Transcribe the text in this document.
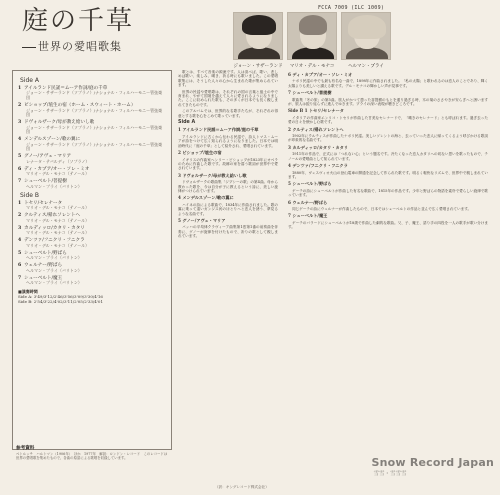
庭の千草
世界の愛唱歌集
FCCA 7009 (ILC 1009)
ジョーン・サザーランド マリオ・デル・モナコ	ヘルマン・プライ
Side A
1 アイルランド民謡＝ムーア作詞/庭の千草
ジョーン・サザーランド（ソプラノ）/ナショナル・フィルハーモニー管弦楽団
2 ビショップ/埴生の宿（ホーム・スウィート・ホーム）
ジョーン・サザーランド（ソプラノ）/ナショナル・フィルハーモニー管弦楽団
3 ドヴォルザーク/母が教え給いし歌
ジョーン・サザーランド（ソプラノ）/ナショナル・フィルハーモニー管弦楽団
4 メンデルスゾーン/歌の翼に
ジョーン・サザーランド（ソプラノ）/ナショナル・フィルハーモニー管弦楽団
5 グノー/アヴェ・マリア
レナータ・テバルディ（ソプラノ）
6 ディ・カプア/オー・ソレ・ミオ
マリオ・デル・モナコ（テノール）
7 シューベルト/菩提樹
ヘルマン・プライ（バリトン）
Side B
1 トセリ/セレナータ
マリオ・デル・モナコ（テノール）
2 クルティス/帰れソレントへ
マリオ・デル・モナコ（テノール）
3 カルディッロ/カタリ・カタリ
マリオ・デル・モナコ（テノール）
4 デンツァ/フニクリ・フニクラ
マリオ・デル・モナコ（テノール）
5 シューベルト/野ばら
ヘルマン・プライ（バリトン）
6 ウェルナー/野ばら
ヘルマン・プライ（バリトン）
7 シューベルト/魔王
ヘルマン・プライ（バリトン）
■演奏時間
Side A: 3'49/3'12/2'46/3'56/3'09/3'30/4'16
Side B: 2'54/3'22/4'02/3'11/2'05/2'33/4'01
参考資料
ペトルッチ　ハルトマン（1906年）　ほか　1977年　解説：ロンドン・レコード　このレコードは世界の愛唱歌を集めたもので、各曲の原語による歌唱を収録しています。

歌とは、すべて音楽の源流です。人は喜べば、歌い、悲しめば歌い、楽しみ、嘆き、祈る時にも歌いました。この愛唱歌集には、そうした人々の心から生まれた歌が集められています。

世界の民謡や愛唱歌は、それぞれの国の言葉と風土の中で育まれ、やがて国境を越えて人々に愛されるようになりました。ここに収められた歌も、その多くが日本でも長く親しまれてきたものです。

このアルバムでは、世界的な名歌手たちが、それぞれの得意とする歌を心をこめて歌っています。

Side A

1 アイルランド民謡＝ムーア作詞/庭の千草

アイルランドに古くから伝わる民謡で、詩人トマス・ムーアが詩をつけて広く知られるようになりました。日本では明治時代に「庭の千草」として紹介され、愛唱されています。

2 ビショップ/埴生の宿

イギリスの作曲家ヘンリー・ビショップが1823年にオペラのために作曲した歌です。故郷の家を慕う歌詞が世界中で愛されています。

3 ドヴォルザーク/母が教え給いし歌

ドヴォルザークの歌曲集「ジプシーの歌」の第4曲。母から教わった歌を、今は自分が子に教えるという詩に、美しい旋律がつけられています。

4 メンデルスゾーン/歌の翼に

ハイネの詩による歌曲で、1834年に作曲されました。歌の翼に乗って遠いガンジス河のほとりへと恋人を誘う、夢見るような名曲です。

5 グノー/アヴェ・マリア

バッハの平均律クラヴィーア曲集第1巻第1番の前奏曲を伴奏に、グノーが旋律を付けたもので、祈りの歌として親しまれています。

6 ディ・カプア/オー・ソレ・ミオ

ナポリ民謡の中でも最も有名な一曲で、1898年に作曲されました。「私の太陽」と歌われるのは恋人のことであり、輝く太陽よりも美しいと讃える歌です。デル・モナコの輝かしい声が見事です。

7 シューベルト/菩提樹

歌曲集「冬の旅」の第5曲。旅人がかつて憩った菩提樹のもとを通り過ぎる時、木の葉のささやきが安らぎへと誘いますが、旅人は振り返らずに進んでゆきます。プライの深い表現が聴きどころです。

Side B 1 トセリ/セレナータ

イタリアの作曲家エンリコ・トセリが作曲した甘美なセレナードで、「嘆きのセレナード」とも呼ばれます。過ぎ去った愛の日々を懐かしむ歌です。

2 クルティス/帰れソレントへ

1902年にクルティスが作曲したナポリ民謡。美しいソレントの海と、去っていった恋人に帰ってくるよう呼びかける歌詞が印象的な名曲です。

3 カルディッロ/カタリ・カタリ

1911年の作品で、正式には「つれない心」という題名です。冷たくなった恋人カタリへの切ない思いを歌ったもので、テノールの愛唱曲として知られています。

4 デンツァ/フニクリ・フニクラ

1880年、ヴェスヴィオ火山の登山電車の開通を記念して作られた歌です。明るく軽快なリズムで、世界中で親しまれています。

5 シューベルト/野ばら

ゲーテの詩にシューベルトが作曲した有名な歌曲で、1815年の作品です。少年と野ばらの物語を素朴で愛らしい旋律で歌っています。

6 ウェルナー/野ばら

同じゲーテの詩にウェルナーが作曲したもので、日本ではシューベルトの作品と並んで広く愛唱されています。

7 シューベルト/魔王

ゲーテのバラードにシューベルトが18歳で作曲した劇的な歌曲。父、子、魔王、語り手の四役を一人の歌手が歌い分けます。

（訳：キングレコード株式会社）
Snow Record Japan
雪雪・雪雪雪
